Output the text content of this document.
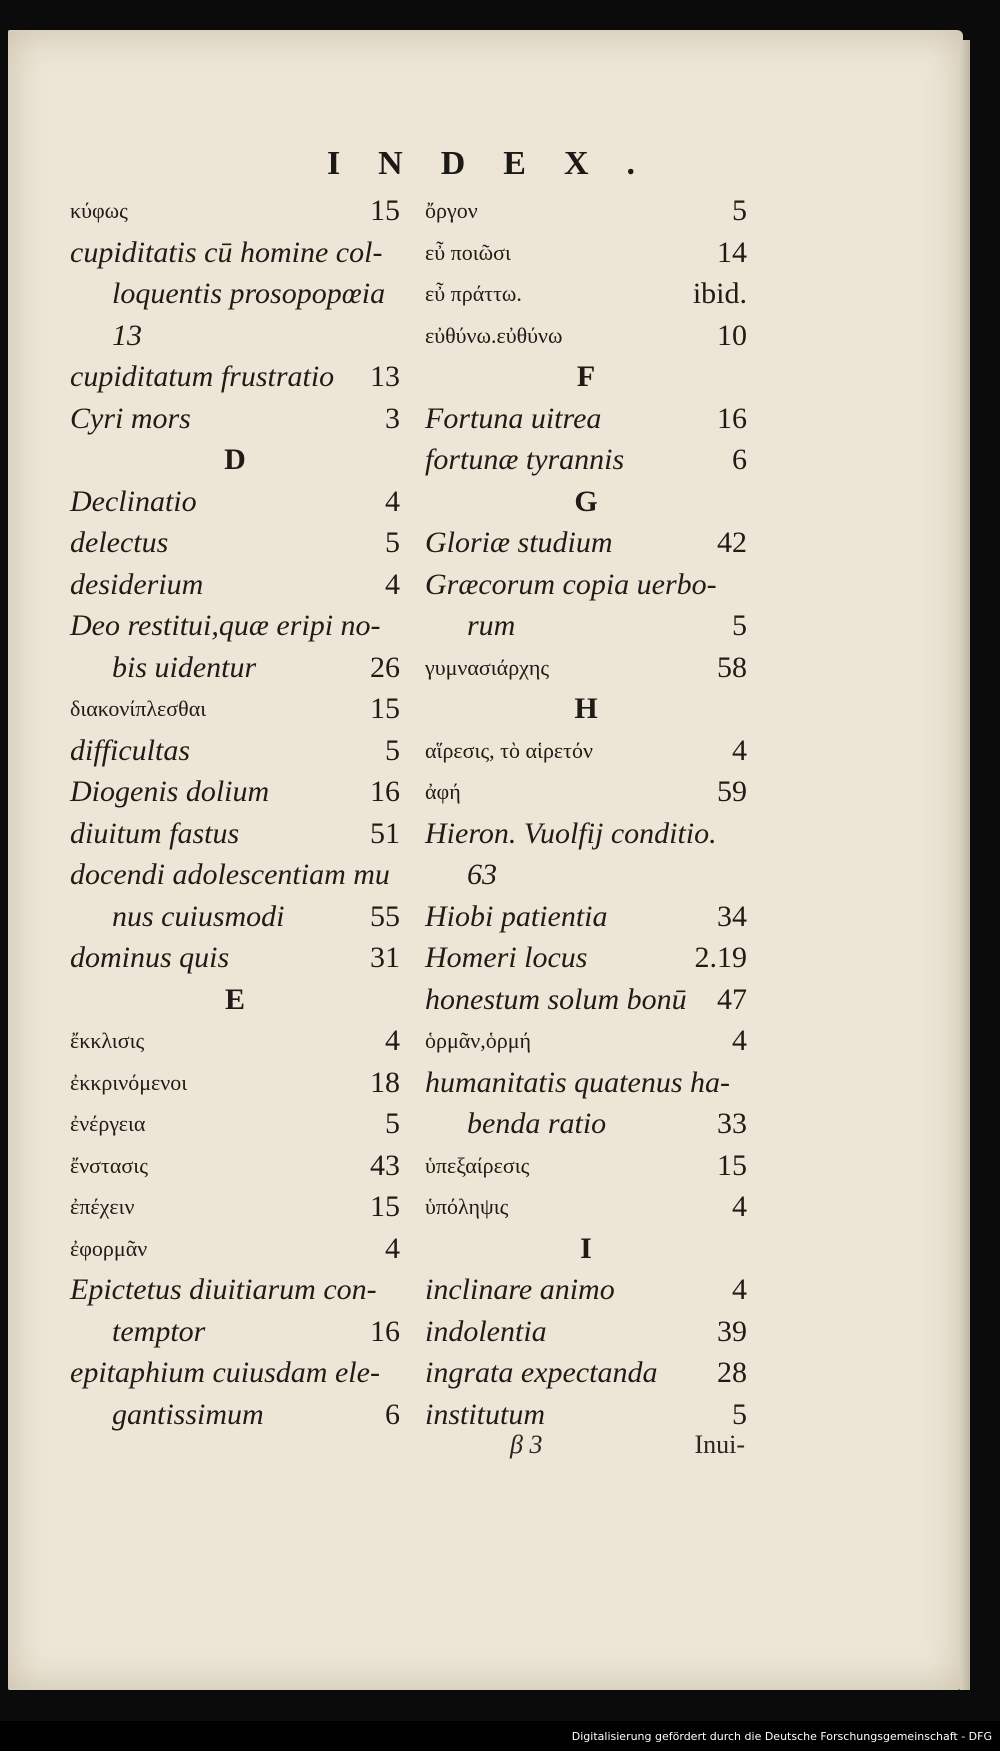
INDEX.
κύφως	15
cupiditatis cū homine col-
loquentis prosopopœia
13
cupiditatum frustratio 13
Cyri mors	3
D
Declinatio	4
delectus	5
desiderium	4
Deo restitui,quæ eripi no-
bis uidentur	26
διακονίπλεσθαι	15
difficultas	5
Diogenis dolium	16
diuitum fastus	51
docendi adolescentiam mu
nus cuiusmodi	55
dominus quis	31
E
ἔκκλισις	4
ἐκκρινόμενοι	18
ἐνέργεια	5
ἔνστασις	43
ἐπέχειν	15
ἐφορμᾶν	4
Epictetus diuitiarum con-
temptor	16
epitaphium cuiusdam ele-
gantissimum	6
ὄργον	5
εὖ ποιῶσι	14
εὖ πράττω.	ibid.
εὐθύνω.εὐθύνω	10
F
Fortuna uitrea	16
fortunæ tyrannis	6
G
Gloriæ studium	42
Græcorum copia uerbo-
rum	5
γυμνασιάρχης	58
H
αἵρεσις, τὸ αἱρετόν	4
ἀφή	59
Hieron. Vuolfij conditio.
63
Hiobi patientia	34
Homeri locus	2.19
honestum solum bonū 47
ὁρμᾶν,ὁρμή	4
humanitatis quatenus ha-
benda ratio	33
ὑπεξαίρεσις	15
ὑπόληψις	4
I
inclinare animo	4
indolentia	39
ingrata expectanda 28
institutum	5
β 3	Inui-
Digitalisierung gefördert durch die Deutsche Forschungsgemeinschaft - DFG
